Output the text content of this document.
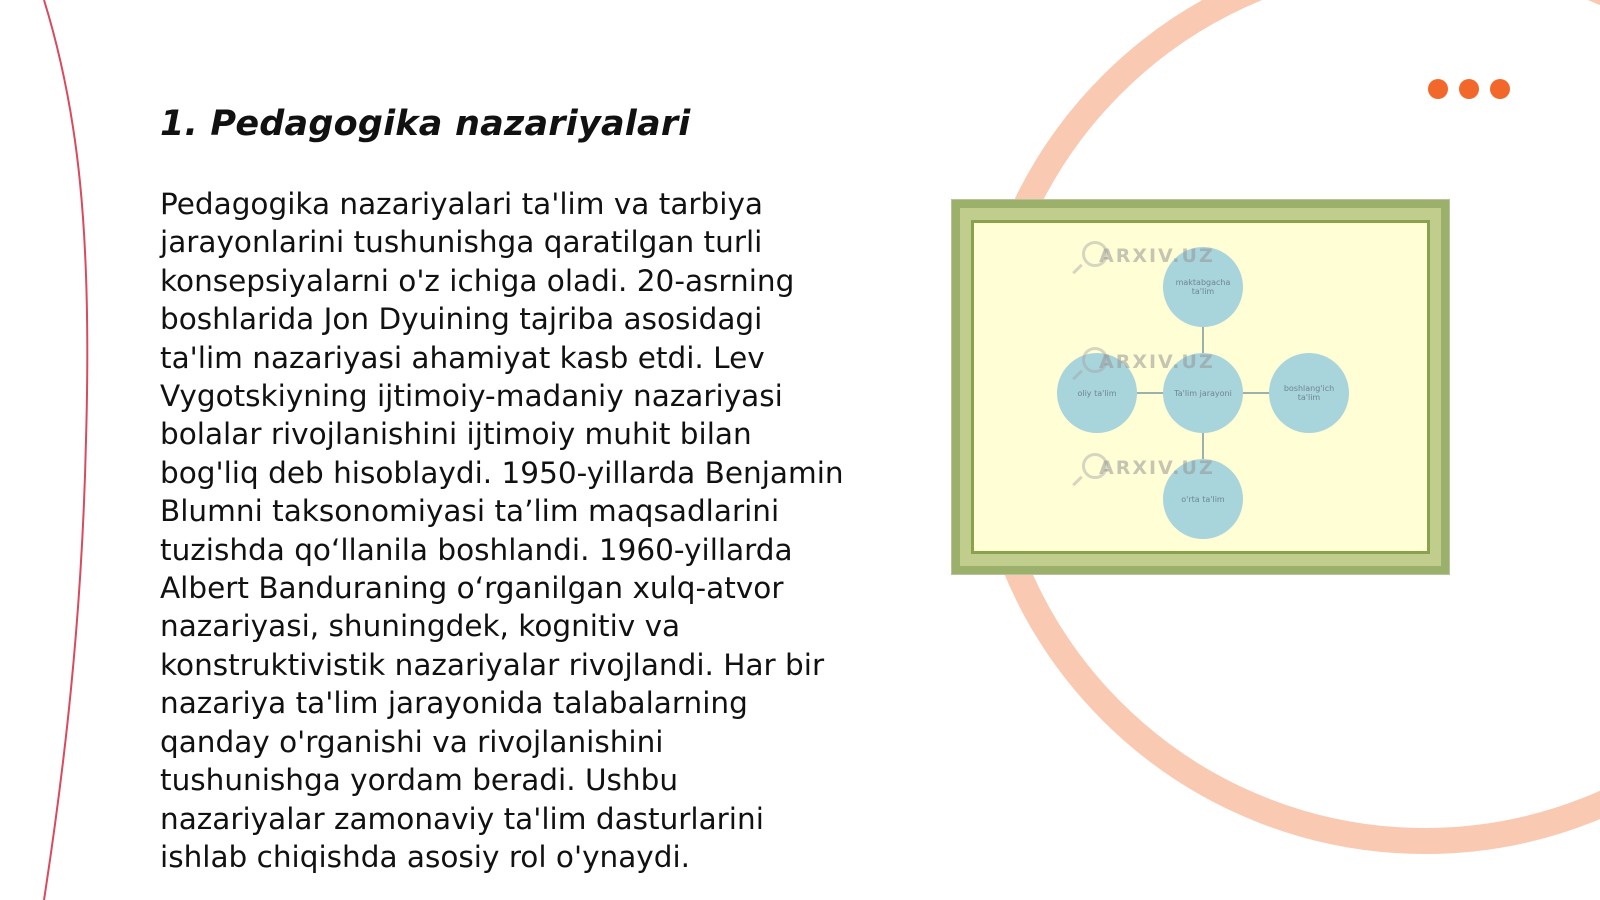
1. Pedagogika nazariyalari

Pedagogika nazariyalari ta'lim va tarbiya jarayonlarini tushunishga qaratilgan turli konsepsiyalarni o'z ichiga oladi. 20-asrning boshlarida Jon Dyuining tajriba asosidagi ta'lim nazariyasi ahamiyat kasb etdi. Lev Vygotskiyning ijtimoiy-madaniy nazariyasi bolalar rivojlanishini ijtimoiy muhit bilan bog'liq deb hisoblaydi. 1950-yillarda Benjamin Blumni taksonomiyasi ta’lim maqsadlarini tuzishda qo‘llanila boshlandi. 1960-yillarda Albert Banduraning o‘rganilgan xulq-atvor nazariyasi, shuningdek, kognitiv va konstruktivistik nazariyalar rivojlandi. Har bir nazariya ta'lim jarayonida talabalarning qanday o'rganishi va rivojlanishini tushunishga yordam beradi. Ushbu nazariyalar zamonaviy ta'lim dasturlarini ishlab chiqishda asosiy rol o'ynaydi.

Ta'lim jarayoni
maktabgacha ta'lim
oliy ta'lim	boshlang'ich ta'lim
o'rta ta'lim
ARXIV.UZ
ARXIV.UZ
ARXIV.UZ
